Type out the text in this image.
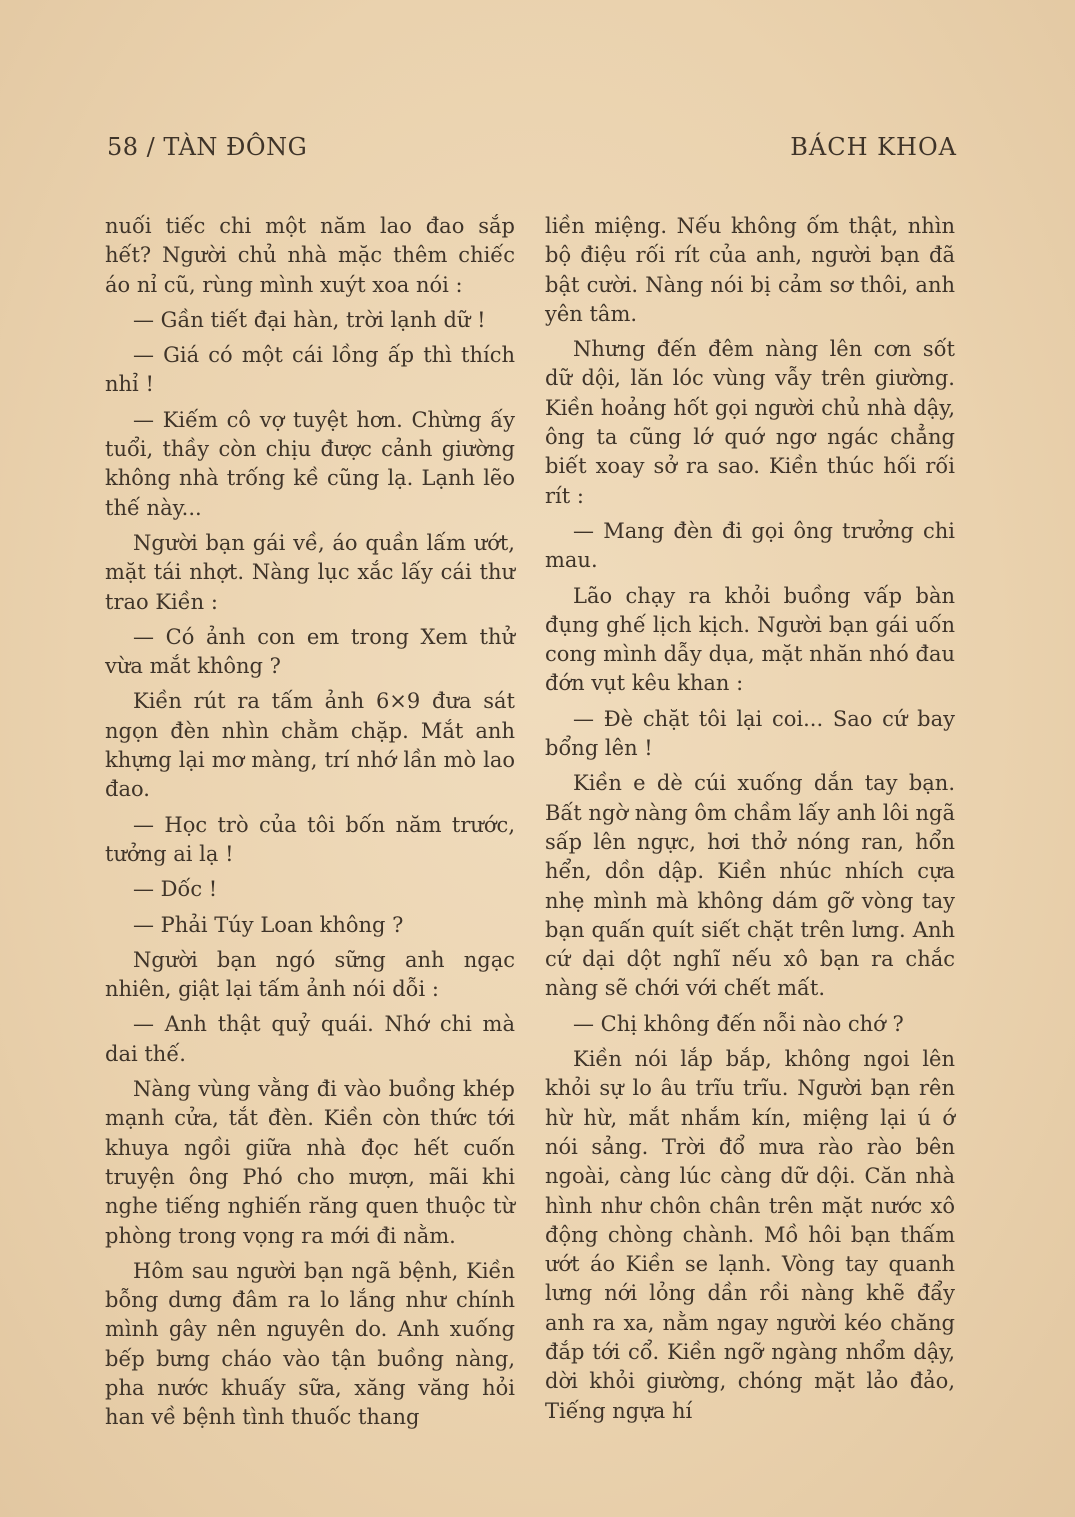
58 / TÀN ĐÔNG	BÁCH KHOA

nuối tiếc chi một năm lao đao sắp hết? Người chủ nhà mặc thêm chiếc áo nỉ cũ, rùng mình xuýt xoa nói :

— Gần tiết đại hàn, trời lạnh dữ !

— Giá có một cái lồng ấp thì thích nhỉ !

— Kiếm cô vợ tuyệt hơn. Chừng ấy tuổi, thầy còn chịu được cảnh giường không nhà trống kề cũng lạ. Lạnh lẽo thế này...

Người bạn gái về, áo quần lấm ướt, mặt tái nhợt. Nàng lục xắc lấy cái thư trao Kiền :

— Có ảnh con em trong Xem thử vừa mắt không ?

Kiền rút ra tấm ảnh 6×9 đưa sát ngọn đèn nhìn chằm chặp. Mắt anh khựng lại mơ màng, trí nhớ lần mò lao đao.

— Học trò của tôi bốn năm trước, tưởng ai lạ !

— Dốc !

— Phải Túy Loan không ?

Người bạn ngó sững anh ngạc nhiên, giật lại tấm ảnh nói dỗi :

— Anh thật quỷ quái. Nhớ chi mà dai thế.

Nàng vùng vằng đi vào buồng khép mạnh cửa, tắt đèn. Kiền còn thức tới khuya ngồi giữa nhà đọc hết cuốn truyện ông Phó cho mượn, mãi khi nghe tiếng nghiến răng quen thuộc từ phòng trong vọng ra mới đi nằm.

Hôm sau người bạn ngã bệnh, Kiền bỗng dưng đâm ra lo lắng như chính mình gây nên nguyên do. Anh xuống bếp bưng cháo vào tận buồng nàng, pha nước khuấy sữa, xăng văng hỏi han về bệnh tình thuốc thang

liền miệng. Nếu không ốm thật, nhìn bộ điệu rối rít của anh, người bạn đã bật cười. Nàng nói bị cảm sơ thôi, anh yên tâm.

Nhưng đến đêm nàng lên cơn sốt dữ dội, lăn lóc vùng vẫy trên giường. Kiền hoảng hốt gọi người chủ nhà dậy, ông ta cũng lớ quớ ngơ ngác chẳng biết xoay sở ra sao. Kiền thúc hối rối rít :

— Mang đèn đi gọi ông trưởng chi mau.

Lão chạy ra khỏi buồng vấp bàn đụng ghế lịch kịch. Người bạn gái uốn cong mình dẫy dụa, mặt nhăn nhó đau đớn vụt kêu khan :

— Đè chặt tôi lại coi... Sao cứ bay bổng lên !

Kiền e dè cúi xuống dắn tay bạn. Bất ngờ nàng ôm chầm lấy anh lôi ngã sấp lên ngực, hơi thở nóng ran, hổn hển, dồn dập. Kiền nhúc nhích cựa nhẹ mình mà không dám gỡ vòng tay bạn quấn quít siết chặt trên lưng. Anh cứ dại dột nghĩ nếu xô bạn ra chắc nàng sẽ chới với chết mất.

— Chị không đến nỗi nào chớ ?

Kiền nói lắp bắp, không ngoi lên khỏi sự lo âu trĩu trĩu. Người bạn rên hừ hừ, mắt nhắm kín, miệng lại ú ớ nói sảng. Trời đổ mưa rào rào bên ngoài, càng lúc càng dữ dội. Căn nhà hình như chôn chân trên mặt nước xô động chòng chành. Mồ hôi bạn thấm ướt áo Kiền se lạnh. Vòng tay quanh lưng nới lỏng dần rồi nàng khẽ đẩy anh ra xa, nằm ngay người kéo chăng đắp tới cổ. Kiền ngỡ ngàng nhổm dậy, dời khỏi giường, chóng mặt lảo đảo, Tiếng ngựa hí
